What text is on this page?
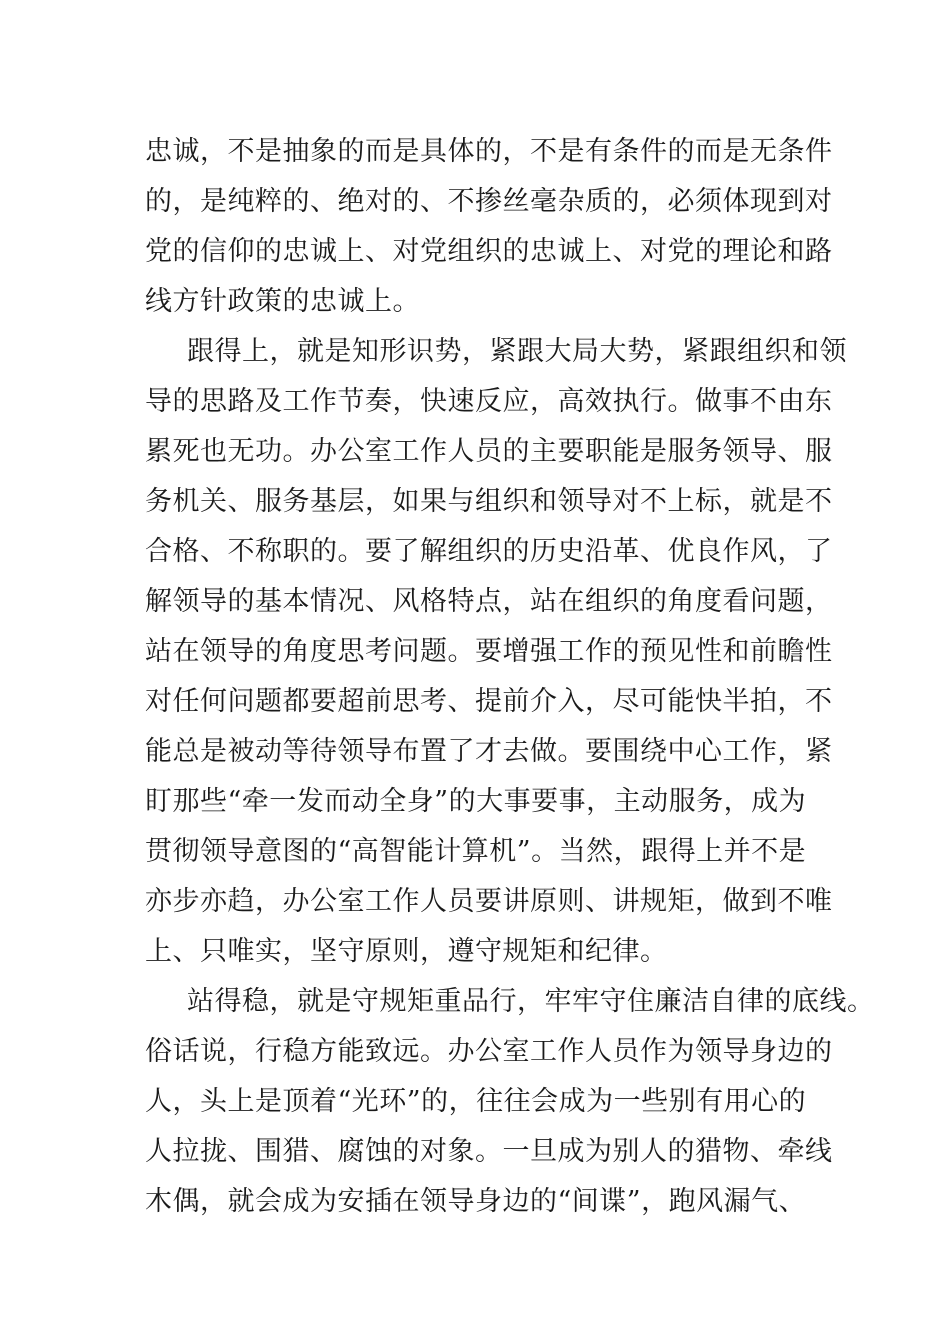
忠诚，不是抽象的而是具体的，不是有条件的而是无条件

的，是纯粹的、绝对的、不掺丝毫杂质的，必须体现到对

党的信仰的忠诚上、对党组织的忠诚上、对党的理论和路

线方针政策的忠诚上。

跟得上，就是知形识势，紧跟大局大势，紧跟组织和领

导的思路及工作节奏，快速反应，高效执行。做事不由东

累死也无功。办公室工作人员的主要职能是服务领导、服

务机关、服务基层，如果与组织和领导对不上标，就是不

合格、不称职的。要了解组织的历史沿革、优良作风，了

解领导的基本情况、风格特点，站在组织的角度看问题，

站在领导的角度思考问题。要增强工作的预见性和前瞻性

对任何问题都要超前思考、提前介入，尽可能快半拍，不

能总是被动等待领导布置了才去做。要围绕中心工作，紧

盯那些“牵一发而动全身”的大事要事，主动服务，成为

贯彻领导意图的“高智能计算机”。当然，跟得上并不是

亦步亦趋，办公室工作人员要讲原则、讲规矩，做到不唯

上、只唯实，坚守原则，遵守规矩和纪律。

站得稳，就是守规矩重品行，牢牢守住廉洁自律的底线。

俗话说，行稳方能致远。办公室工作人员作为领导身边的

人，头上是顶着“光环”的，往往会成为一些别有用心的

人拉拢、围猎、腐蚀的对象。一旦成为别人的猎物、牵线

木偶，就会成为安插在领导身边的“间谍”，跑风漏气、
